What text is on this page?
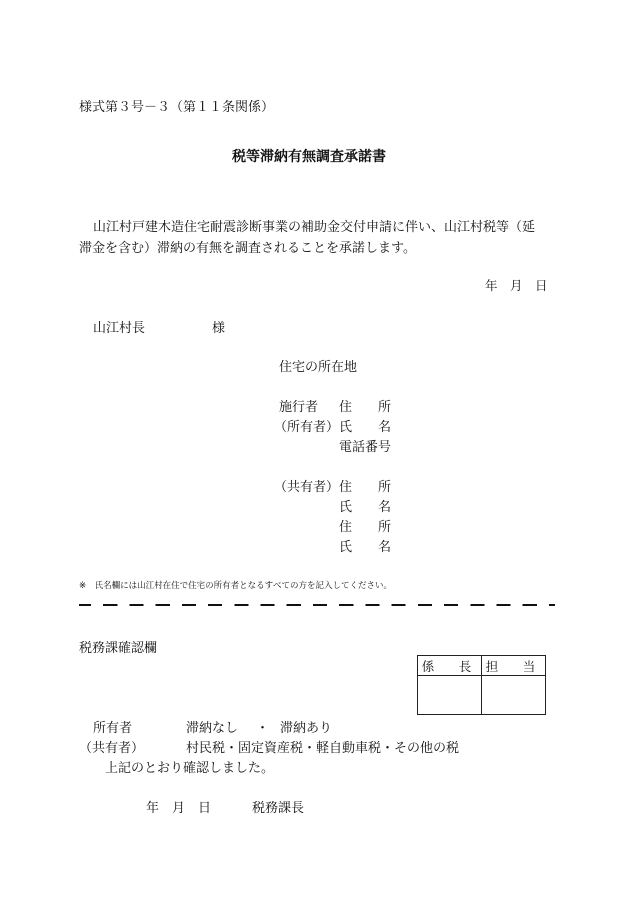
様式第３号－３（第１１条関係）
税等滞納有無調査承諾書
山江村戸建木造住宅耐震診断事業の補助金交付申請に伴い、山江村税等（延
滞金を含む）滞納の有無を調査されることを承諾します。
年　月　日
山江村長	様
住宅の所在地
施行者 住　　所
（所有者） 氏　　名
電話番号
（共有者） 住　　所
氏　　名
住　　所
氏　　名
※　氏名欄には山江村在住で住宅の所有者となるすべての方を記入してください。
税務課確認欄
係　長	担　当

所有者	滞納なし ・ 滞納あり
（共有者）	村民税・固定資産税・軽自動車税・その他の税
上記のとおり確認しました。
年　月　日	税務課長
